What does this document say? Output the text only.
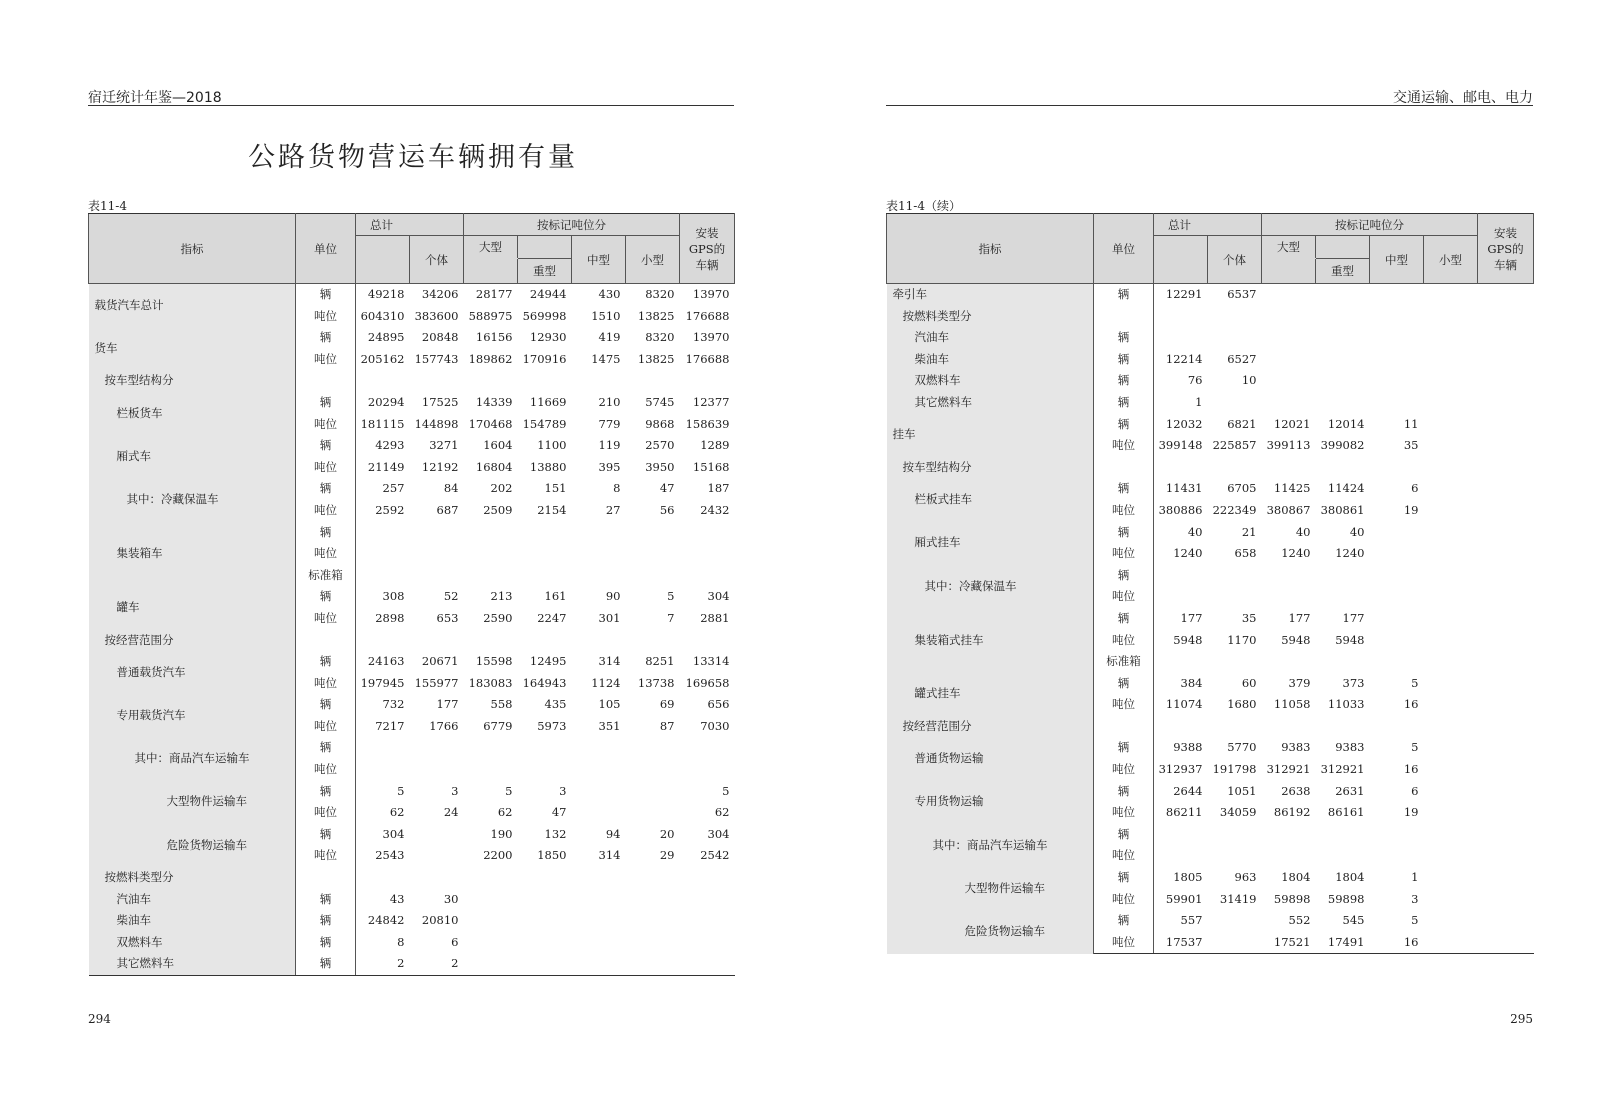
宿迁统计年鉴—2018
公路货物营运车辆拥有量
表11-4
指标	单位	总计		按标记吨位分				安装
GPS的
车辆
			个体	大型		中型	小型	
					重型			
载货汽车总计	辆	49218	34206	28177	24944	430	8320	13970
	吨位	604310	383600	588975	569998	1510	13825	176688
货车	辆	24895	20848	16156	12930	419	8320	13970
	吨位	205162	157743	189862	170916	1475	13825	176688
按车型结构分								
栏板货车	辆	20294	17525	14339	11669	210	5745	12377
	吨位	181115	144898	170468	154789	779	9868	158639
厢式车	辆	4293	3271	1604	1100	119	2570	1289
	吨位	21149	12192	16804	13880	395	3950	15168
其中：冷藏保温车	辆	257	84	202	151	8	47	187
	吨位	2592	687	2509	2154	27	56	2432
集装箱车	辆							
	吨位							
	标准箱							
罐车	辆	308	52	213	161	90	5	304
	吨位	2898	653	2590	2247	301	7	2881
按经营范围分								
普通载货汽车	辆	24163	20671	15598	12495	314	8251	13314
	吨位	197945	155977	183083	164943	1124	13738	169658
专用载货汽车	辆	732	177	558	435	105	69	656
	吨位	7217	1766	6779	5973	351	87	7030
其中：商品汽车运输车	辆							
	吨位							
大型物件运输车	辆	5	3	5	3			5
	吨位	62	24	62	47			62
危险货物运输车	辆	304		190	132	94	20	304
	吨位	2543		2200	1850	314	29	2542
按燃料类型分								
汽油车	辆	43	30					
柴油车	辆	24842	20810					
双燃料车	辆	8	6					
其它燃料车	辆	2	2					
294
交通运输、邮电、电力
表11-4（续）
指标	单位	总计		按标记吨位分				安装
GPS的
车辆
			个体	大型		中型	小型	
					重型			
牵引车	辆	12291	6537					
按燃料类型分								
汽油车	辆							
柴油车	辆	12214	6527					
双燃料车	辆	76	10					
其它燃料车	辆	1						
挂车	辆	12032	6821	12021	12014	11		
	吨位	399148	225857	399113	399082	35		
按车型结构分								
栏板式挂车	辆	11431	6705	11425	11424	6		
	吨位	380886	222349	380867	380861	19		
厢式挂车	辆	40	21	40	40			
	吨位	1240	658	1240	1240			
其中：冷藏保温车	辆							
	吨位							
集装箱式挂车	辆	177	35	177	177			
	吨位	5948	1170	5948	5948			
	标准箱							
罐式挂车	辆	384	60	379	373	5		
	吨位	11074	1680	11058	11033	16		
按经营范围分								
普通货物运输	辆	9388	5770	9383	9383	5		
	吨位	312937	191798	312921	312921	16		
专用货物运输	辆	2644	1051	2638	2631	6		
	吨位	86211	34059	86192	86161	19		
其中：商品汽车运输车	辆							
	吨位							
大型物件运输车	辆	1805	963	1804	1804	1		
	吨位	59901	31419	59898	59898	3		
危险货物运输车	辆	557		552	545	5		
	吨位	17537		17521	17491	16		
295
